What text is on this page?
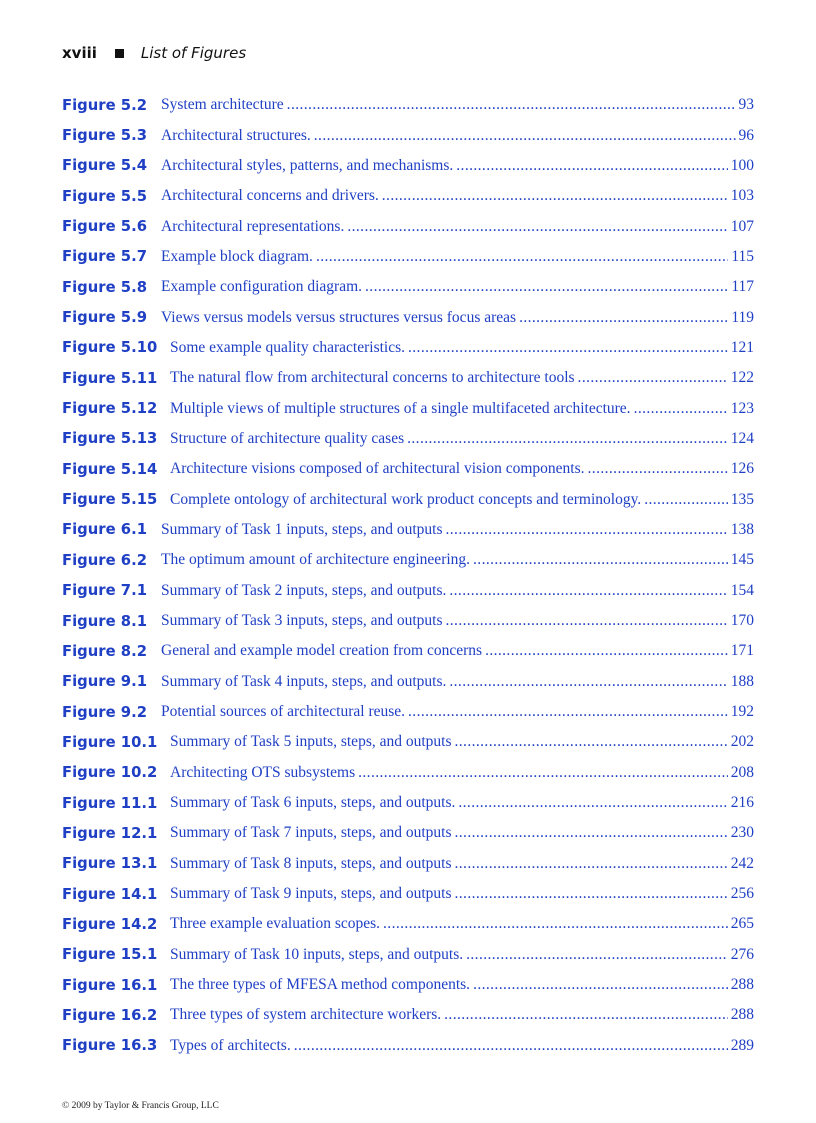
xviii	List of Figures
Figure 5.2 System architecture .....	93
Figure 5.3 Architectural structures. .....	96
Figure 5.4 Architectural styles, patterns, and mechanisms. .....	100
Figure 5.5 Architectural concerns and drivers. .....	103
Figure 5.6 Architectural representations. .....	107
Figure 5.7 Example block diagram. .....	115
Figure 5.8 Example configuration diagram. .....	117
Figure 5.9 Views versus models versus structures versus focus areas .....	119
Figure 5.10 Some example quality characteristics. .....	121
Figure 5.11 The natural flow from architectural concerns to architecture tools .....	122
Figure 5.12 Multiple views of multiple structures of a single multifaceted architecture. .....	123
Figure 5.13 Structure of architecture quality cases .....	124
Figure 5.14 Architecture visions composed of architectural vision components. .....	126
Figure 5.15 Complete ontology of architectural work product concepts and terminology. .....	135
Figure 6.1 Summary of Task 1 inputs, steps, and outputs .....	138
Figure 6.2 The optimum amount of architecture engineering. .....	145
Figure 7.1 Summary of Task 2 inputs, steps, and outputs. .....	154
Figure 8.1 Summary of Task 3 inputs, steps, and outputs .....	170
Figure 8.2 General and example model creation from concerns .....	171
Figure 9.1 Summary of Task 4 inputs, steps, and outputs. .....	188
Figure 9.2 Potential sources of architectural reuse. .....	192
Figure 10.1 Summary of Task 5 inputs, steps, and outputs .....	202
Figure 10.2 Architecting OTS subsystems .....	208
Figure 11.1 Summary of Task 6 inputs, steps, and outputs. .....	216
Figure 12.1 Summary of Task 7 inputs, steps, and outputs .....	230
Figure 13.1 Summary of Task 8 inputs, steps, and outputs .....	242
Figure 14.1 Summary of Task 9 inputs, steps, and outputs .....	256
Figure 14.2 Three example evaluation scopes. .....	265
Figure 15.1 Summary of Task 10 inputs, steps, and outputs. .....	276
Figure 16.1 The three types of MFESA method components. .....	288
Figure 16.2 Three types of system architecture workers. .....	288
Figure 16.3 Types of architects. .....	289
© 2009 by Taylor & Francis Group, LLC
